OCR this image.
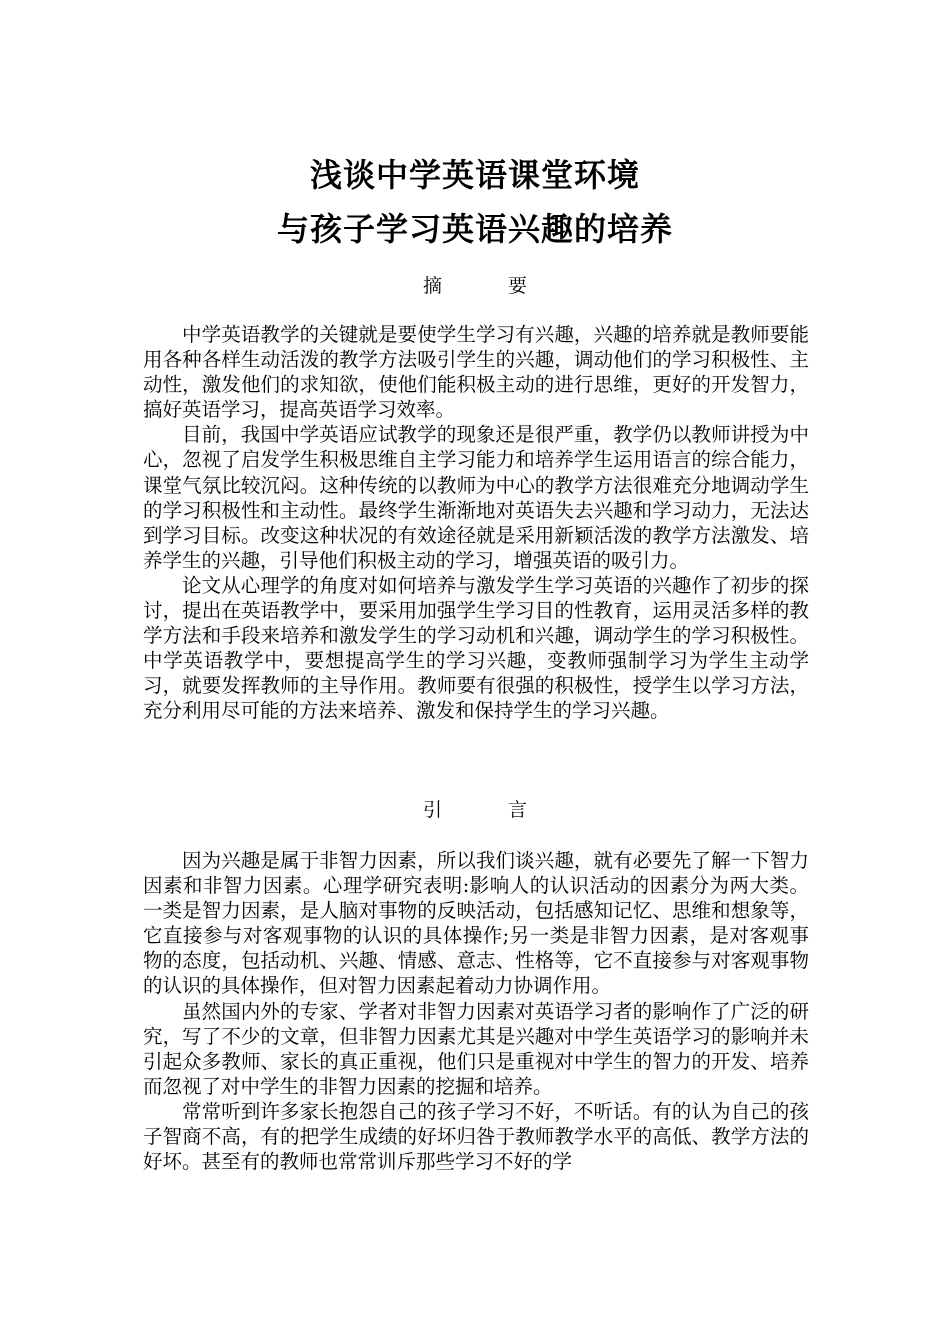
浅谈中学英语课堂环境
与孩子学习英语兴趣的培养
摘 要

中学英语教学的关键就是要使学生学习有兴趣，兴趣的培养就是教师要能用各种各样生动活泼的教学方法吸引学生的兴趣，调动他们的学习积极性、主动性，激发他们的求知欲，使他们能积极主动的进行思维，更好的开发智力，搞好英语学习，提高英语学习效率。

目前，我国中学英语应试教学的现象还是很严重，教学仍以教师讲授为中心，忽视了启发学生积极思维自主学习能力和培养学生运用语言的综合能力，课堂气氛比较沉闷。这种传统的以教师为中心的教学方法很难充分地调动学生的学习积极性和主动性。最终学生渐渐地对英语失去兴趣和学习动力，无法达到学习目标。改变这种状况的有效途径就是采用新颖活泼的教学方法激发、培养学生的兴趣，引导他们积极主动的学习，增强英语的吸引力。

论文从心理学的角度对如何培养与激发学生学习英语的兴趣作了初步的探讨，提出在英语教学中，要采用加强学生学习目的性教育，运用灵活多样的教学方法和手段来培养和激发学生的学习动机和兴趣，调动学生的学习积极性。中学英语教学中，要想提高学生的学习兴趣，变教师强制学习为学生主动学习，就要发挥教师的主导作用。教师要有很强的积极性，授学生以学习方法，充分利用尽可能的方法来培养、激发和保持学生的学习兴趣。

引 言

因为兴趣是属于非智力因素，所以我们谈兴趣，就有必要先了解一下智力因素和非智力因素。心理学研究表明:影响人的认识活动的因素分为两大类。一类是智力因素，是人脑对事物的反映活动，包括感知记忆、思维和想象等，它直接参与对客观事物的认识的具体操作;另一类是非智力因素，是对客观事物的态度，包括动机、兴趣、情感、意志、性格等，它不直接参与对客观事物的认识的具体操作，但对智力因素起着动力协调作用。

虽然国内外的专家、学者对非智力因素对英语学习者的影响作了广泛的研究，写了不少的文章，但非智力因素尤其是兴趣对中学生英语学习的影响并未引起众多教师、家长的真正重视，他们只是重视对中学生的智力的开发、培养而忽视了对中学生的非智力因素的挖掘和培养。

常常听到许多家长抱怨自己的孩子学习不好，不听话。有的认为自己的孩子智商不高，有的把学生成绩的好坏归咎于教师教学水平的高低、教学方法的好坏。甚至有的教师也常常训斥那些学习不好的学
